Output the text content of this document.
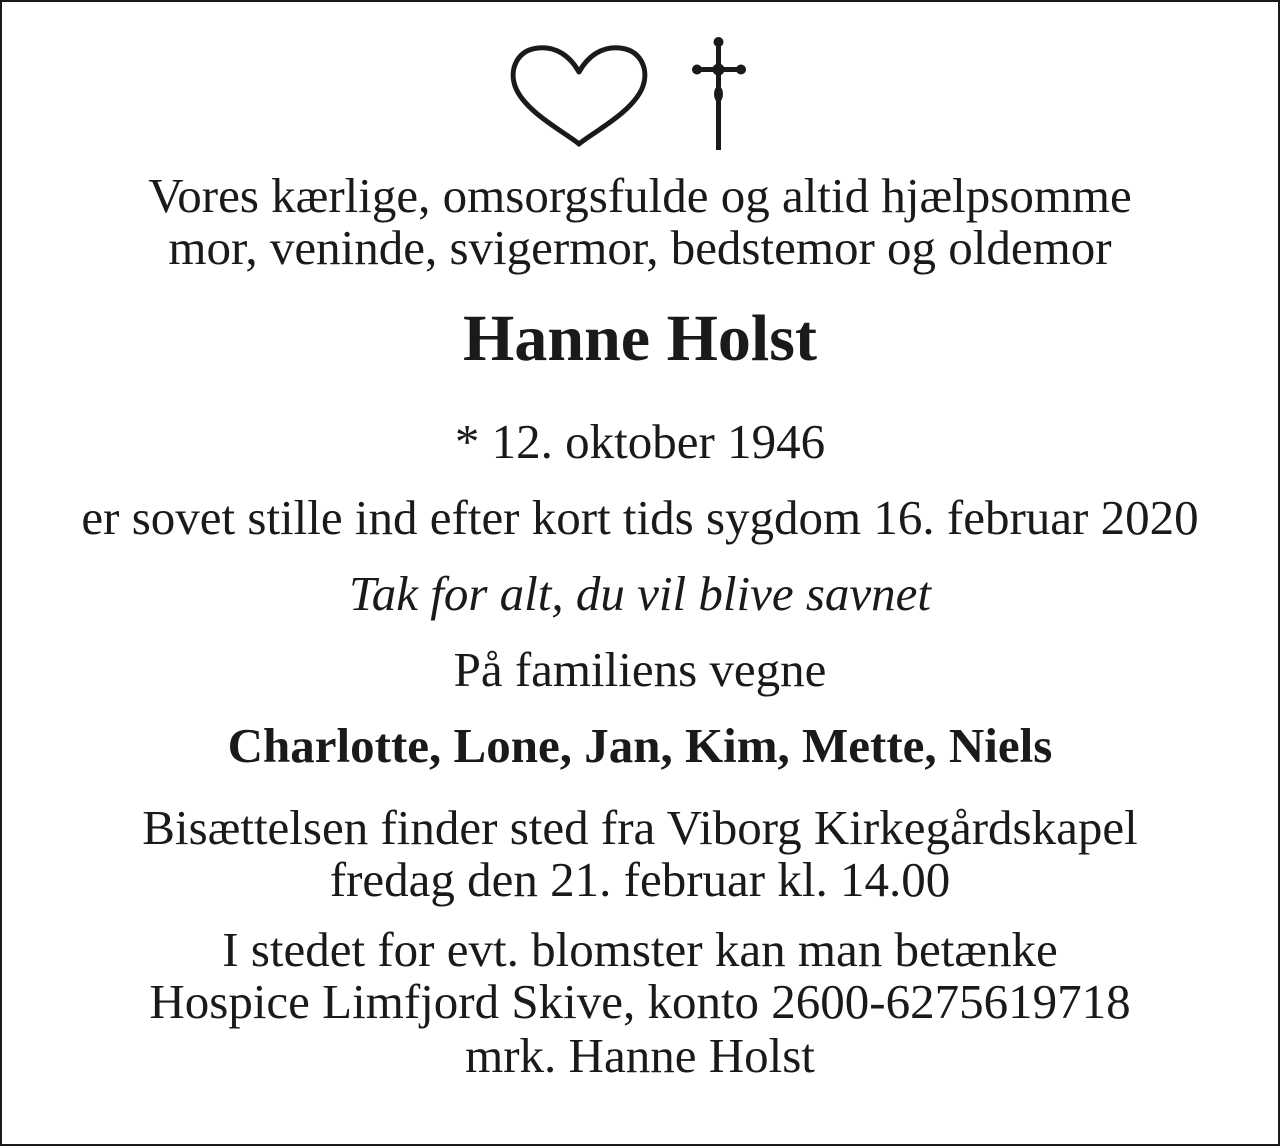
Vores kærlige, omsorgsfulde og altid hjælpsomme
mor, veninde, svigermor, bedstemor og oldemor
Hanne Holst
* 12. oktober 1946
er sovet stille ind efter kort tids sygdom 16. februar 2020
Tak for alt, du vil blive savnet
På familiens vegne
Charlotte, Lone, Jan, Kim, Mette, Niels
Bisættelsen finder sted fra Viborg Kirkegårdskapel
fredag den 21. februar kl. 14.00
I stedet for evt. blomster kan man betænke
Hospice Limfjord Skive, konto 2600-6275619718
mrk. Hanne Holst
